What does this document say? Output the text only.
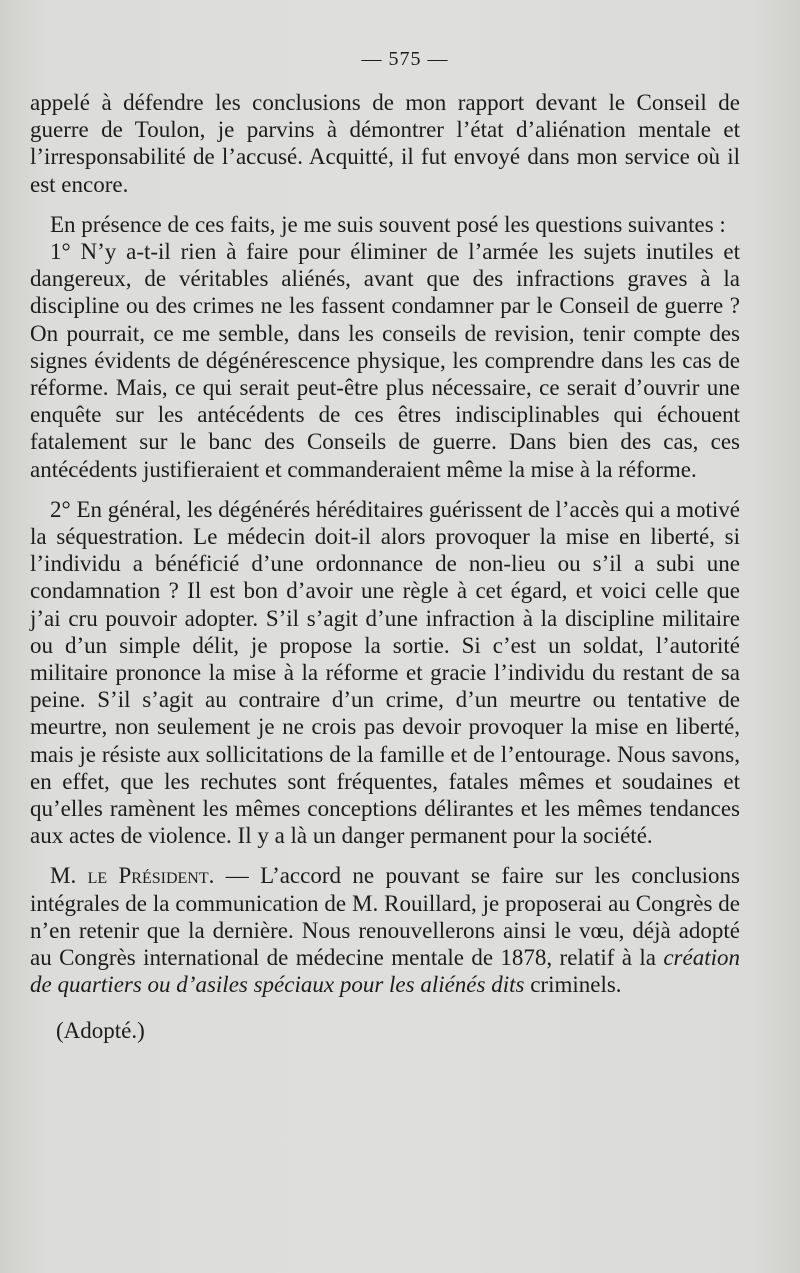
— 575 —

appelé à défendre les conclusions de mon rapport devant le Conseil de guerre de Toulon, je parvins à démontrer l’état d’aliénation mentale et l’irresponsabilité de l’accusé. Acquitté, il fut envoyé dans mon service où il est encore.

En présence de ces faits, je me suis souvent posé les questions suivantes :

1° N’y a-t-il rien à faire pour éliminer de l’armée les sujets inutiles et dangereux, de véritables aliénés, avant que des infractions graves à la discipline ou des crimes ne les fassent condamner par le Conseil de guerre ? On pourrait, ce me semble, dans les conseils de revision, tenir compte des signes évidents de dégénérescence physique, les comprendre dans les cas de réforme. Mais, ce qui serait peut-être plus nécessaire, ce serait d’ouvrir une enquête sur les antécédents de ces êtres indisciplinables qui échouent fatalement sur le banc des Conseils de guerre. Dans bien des cas, ces antécédents justifieraient et commanderaient même la mise à la réforme.

2° En général, les dégénérés héréditaires guérissent de l’accès qui a motivé la séquestration. Le médecin doit-il alors provoquer la mise en liberté, si l’individu a bénéficié d’une ordonnance de non-lieu ou s’il a subi une condamnation ? Il est bon d’avoir une règle à cet égard, et voici celle que j’ai cru pouvoir adopter. S’il s’agit d’une infraction à la discipline militaire ou d’un simple délit, je propose la sortie. Si c’est un soldat, l’autorité militaire prononce la mise à la réforme et gracie l’individu du restant de sa peine. S’il s’agit au contraire d’un crime, d’un meurtre ou tentative de meurtre, non seulement je ne crois pas devoir provoquer la mise en liberté, mais je résiste aux sollicitations de la famille et de l’entourage. Nous savons, en effet, que les rechutes sont fréquentes, fatales mêmes et soudaines et qu’elles ramènent les mêmes conceptions délirantes et les mêmes tendances aux actes de violence. Il y a là un danger permanent pour la société.

M. le Président. — L’accord ne pouvant se faire sur les conclusions intégrales de la communication de M. Rouillard, je proposerai au Congrès de n’en retenir que la dernière. Nous renouvellerons ainsi le vœu, déjà adopté au Congrès international de médecine mentale de 1878, relatif à la création de quartiers ou d’asiles spéciaux pour les aliénés dits criminels.

(Adopté.)
